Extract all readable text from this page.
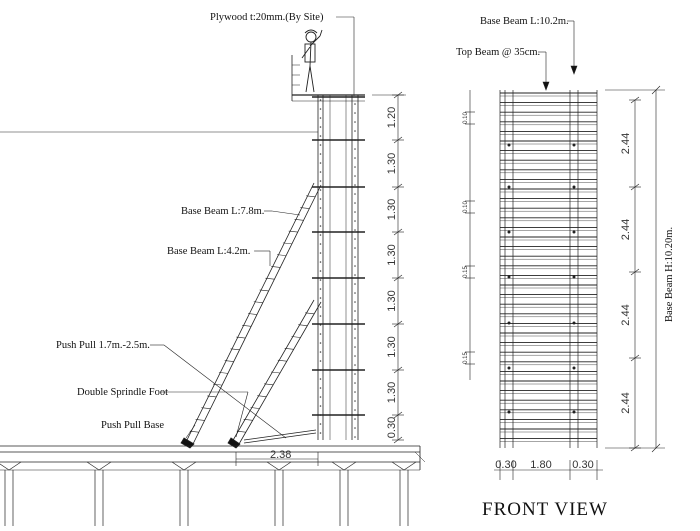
Plywood t:20mm.(By Site)
Base Beam L:7.8m.
Base Beam L:4.2m.
Push Pull 1.7m.-2.5m.
Double Sprindle Foot
Push Pull Base
2.38
1.20
1.30
1.30
1.30
1.30
1.30
1.30
0.30
Base Beam L:10.2m.
Top Beam @ 35cm.
Base Beam H:10.20m.
FRONT VIEW
2.44
2.44
2.44
2.44
0.10
0.10
0.15
0.15
0.30 1.80 0.30
